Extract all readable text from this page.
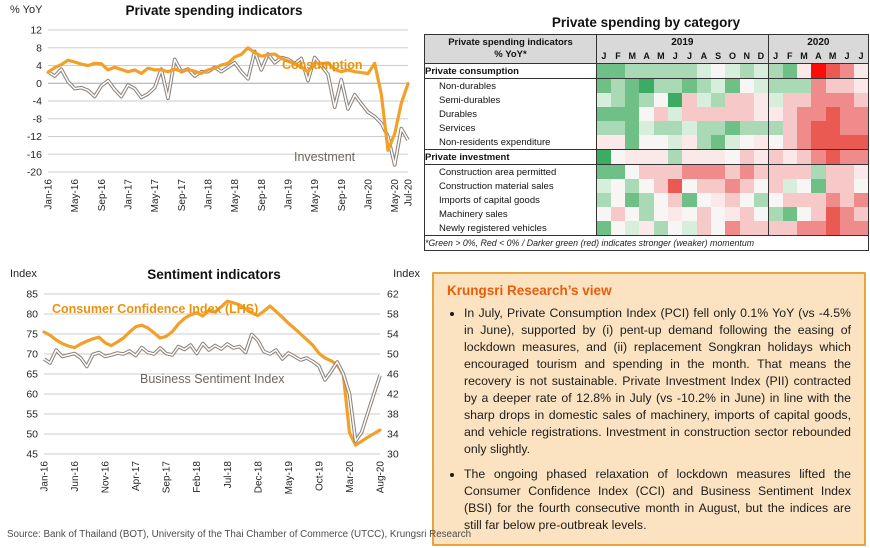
Private spending indicators
% YoY
12
8
4
0
-4
-8
-12
-16
-20
Jan-16 May-16 Sep-16 Jan-17 May-17 Sep-17 Jan-18 May-18 Sep-18 Jan-19 May-19 Sep-19 Jan-20 May-20 Jul-20
Consumption
Investment
Private spending by category
Private spending indicators
% YoY*	2019												2020						
	J	F	M	A	M	J	J	A	S	O	N	D	J	F	M	A	M	J	J
Private consumption																			
Non-durables																			
Semi-durables																			
Durables																			
Services																			
Non-residents expenditure																			
Private investment																			
Construction area permitted																			
Construction material sales																			
Imports of capital goods																			
Machinery sales																			
Newly registered vehicles																			
*Green > 0%, Red < 0% / Darker green (red) indicates stronger (weaker) momentum																			
Sentiment indicators
Index	Index
85
80
75
70
65
60
55
50
45
62
58
54
50
46
42
38
34
30
Jan-16 Jun-16 Nov-16 Apr-17 Sep-17 Feb-18 Jul-18 Dec-18 May-19 Oct-19 Mar-20 Aug-20
Consumer Confidence Index (LHS)
Business Sentiment Index
Krungsri Research’s view
• In July, Private Consumption Index (PCI) fell only 0.1% YoY (vs -4.5% in June), supported by (i) pent-up demand following the easing of lockdown measures, and (ii) replacement Songkran holidays which encouraged tourism and spending in the month. That means the recovery is not sustainable. Private Investment Index (PII) contracted by a deeper rate of 12.8% in July (vs -10.2% in June) in line with the sharp drops in domestic sales of machinery, imports of capital goods, and vehicle registrations. Investment in construction sector rebounded only slightly.
• The ongoing phased relaxation of lockdown measures lifted the Consumer Confidence Index (CCI) and Business Sentiment Index (BSI) for the fourth consecutive month in August, but the indices are still far below pre-outbreak levels.
Source: Bank of Thailand (BOT), University of the Thai Chamber of Commerce (UTCC), Krungsri Research
